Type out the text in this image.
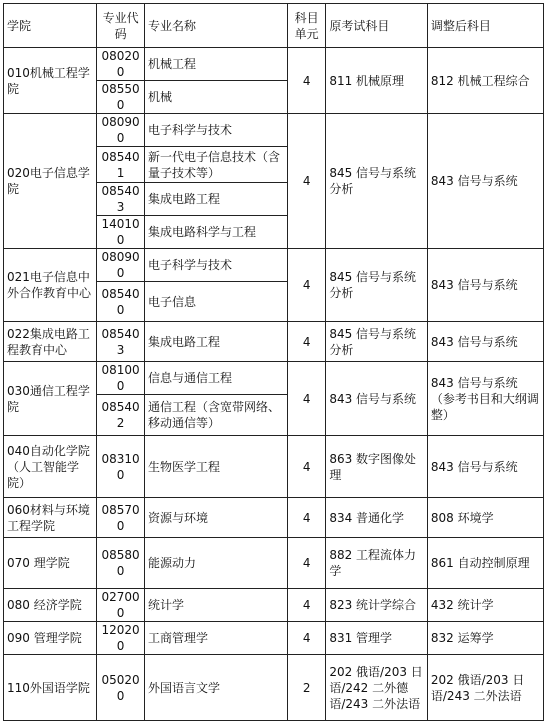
学院	专业代码	专业名称	科目单元	原考试科目	调整后科目
010机械工程学院	080200	机械工程	4	811 机械原理	812 机械工程综合
	085500	机械			
020电子信息学院	080900	电子科学与技术	4	845 信号与系统分析	843 信号与系统
	085401	新一代电子信息技术（含量子技术等）			
	085403	集成电路工程			
	140100	集成电路科学与工程			
021电子信息中外合作教育中心	080900	电子科学与技术	4	845 信号与系统分析	843 信号与系统
	085400	电子信息			
022集成电路工程教育中心	085403	集成电路工程	4	845 信号与系统分析	843 信号与系统
030通信工程学院	081000	信息与通信工程	4	843 信号与系统	843 信号与系统（参考书目和大纲调整）
	085402	通信工程（含宽带网络、移动通信等）			
040自动化学院（人工智能学院）	083100	生物医学工程	4	863 数字图像处理	843 信号与系统
060材料与环境工程学院	085700	资源与环境	4	834 普通化学	808 环境学
070 理学院	085800	能源动力	4	882 工程流体力学	861 自动控制原理
080 经济学院	027000	统计学	4	823 统计学综合	432 统计学
090 管理学院	120200	工商管理学	4	831 管理学	832 运筹学
110外国语学院	050200	外国语言文学	2	202 俄语/203 日语/242 二外德语/243 二外法语	202 俄语/203 日语/243 二外法语
